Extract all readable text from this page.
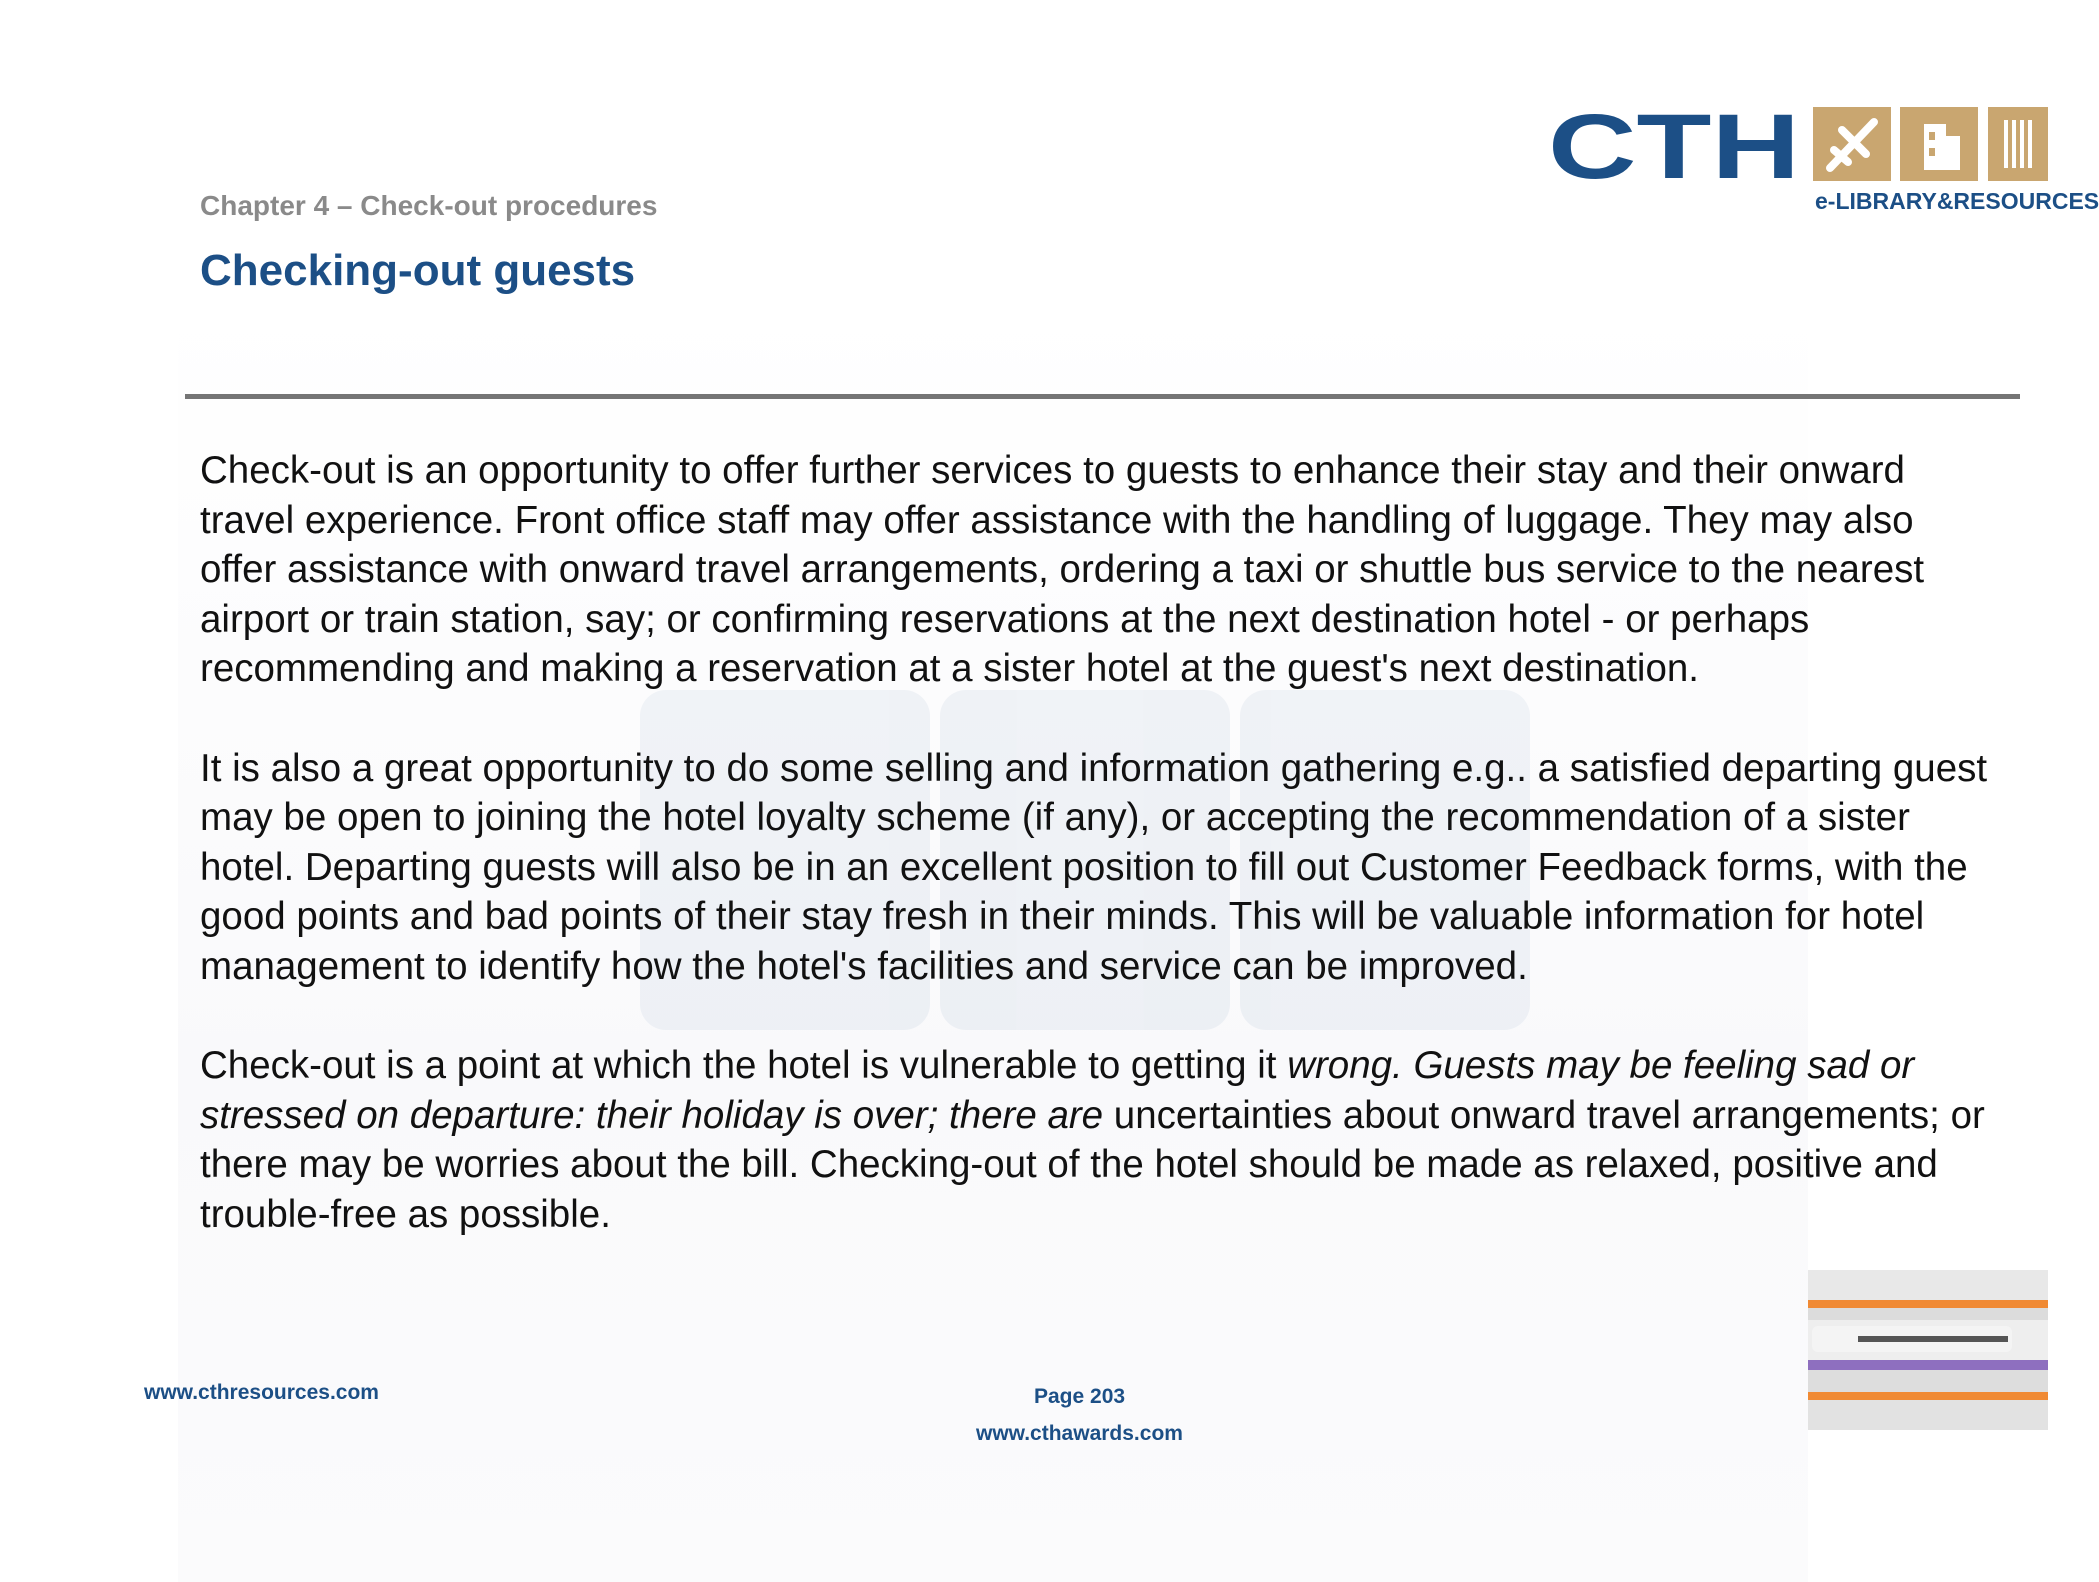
Chapter 4 – Check-out procedures
Checking-out guests
CTH
e-LIBRARY&RESOURCES

Check-out is an opportunity to offer further services to guests to enhance their stay and their onward travel experience. Front office staff may offer assistance with the handling of luggage. They may also offer assistance with onward travel arrangements, ordering a taxi or shuttle bus service to the nearest airport or train station, say; or confirming reservations at the next destination hotel - or perhaps recommending and making a reservation at a sister hotel at the guest's next destination.

It is also a great opportunity to do some selling and information gathering e.g.. a satisfied departing guest may be open to joining the hotel loyalty scheme (if any), or accepting the recommendation of a sister hotel. Departing guests will also be in an excellent position to fill out Customer Feedback forms, with the good points and bad points of their stay fresh in their minds. This will be valuable information for hotel management to identify how the hotel's facilities and service can be improved.

Check-out is a point at which the hotel is vulnerable to getting it wrong. Guests may be feeling sad or stressed on departure: their holiday is over; there are uncertainties about onward travel arrangements; or there may be worries about the bill. Checking-out of the hotel should be made as relaxed, positive and trouble-free as possible.

www.cthresources.com	Page 203
www.cthawards.com
